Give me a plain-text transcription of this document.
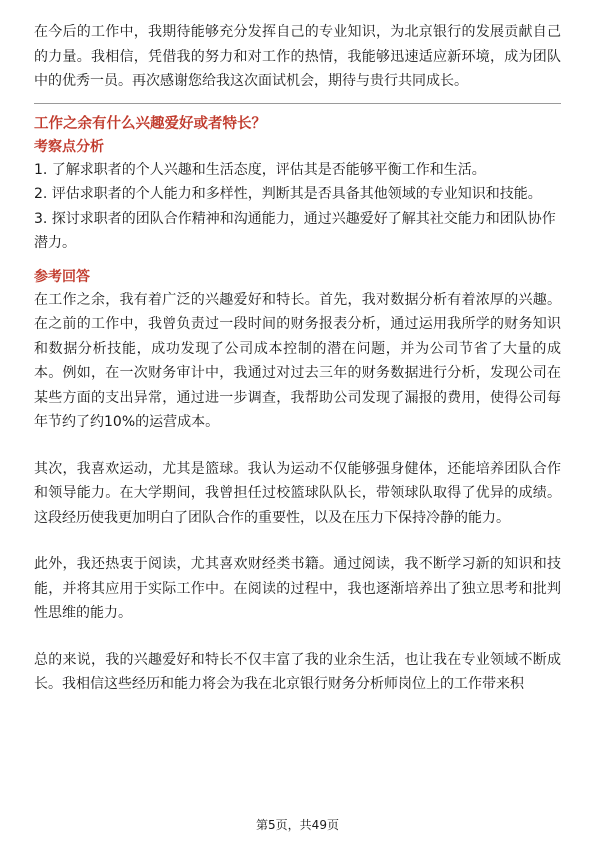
在今后的工作中，我期待能够充分发挥自己的专业知识，为北京银行的发展贡献自己的力量。我相信，凭借我的努力和对工作的热情，我能够迅速适应新环境，成为团队中的优秀一员。再次感谢您给我这次面试机会，期待与贵行共同成长。

工作之余有什么兴趣爱好或者特长？
考察点分析
1. 了解求职者的个人兴趣和生活态度，评估其是否能够平衡工作和生活。
2. 评估求职者的个人能力和多样性，判断其是否具备其他领域的专业知识和技能。
3. 探讨求职者的团队合作精神和沟通能力，通过兴趣爱好了解其社交能力和团队协作潜力。
参考回答

在工作之余，我有着广泛的兴趣爱好和特长。首先，我对数据分析有着浓厚的兴趣。在之前的工作中，我曾负责过一段时间的财务报表分析，通过运用我所学的财务知识和数据分析技能，成功发现了公司成本控制的潜在问题，并为公司节省了大量的成本。例如，在一次财务审计中，我通过对过去三年的财务数据进行分析，发现公司在某些方面的支出异常，通过进一步调查，我帮助公司发现了漏报的费用，使得公司每年节约了约10%的运营成本。

其次，我喜欢运动，尤其是篮球。我认为运动不仅能够强身健体，还能培养团队合作和领导能力。在大学期间，我曾担任过校篮球队队长，带领球队取得了优异的成绩。这段经历使我更加明白了团队合作的重要性，以及在压力下保持冷静的能力。

此外，我还热衷于阅读，尤其喜欢财经类书籍。通过阅读，我不断学习新的知识和技能，并将其应用于实际工作中。在阅读的过程中，我也逐渐培养出了独立思考和批判性思维的能力。

总的来说，我的兴趣爱好和特长不仅丰富了我的业余生活，也让我在专业领域不断成长。我相信这些经历和能力将会为我在北京银行财务分析师岗位上的工作带来积

第5页，共49页
